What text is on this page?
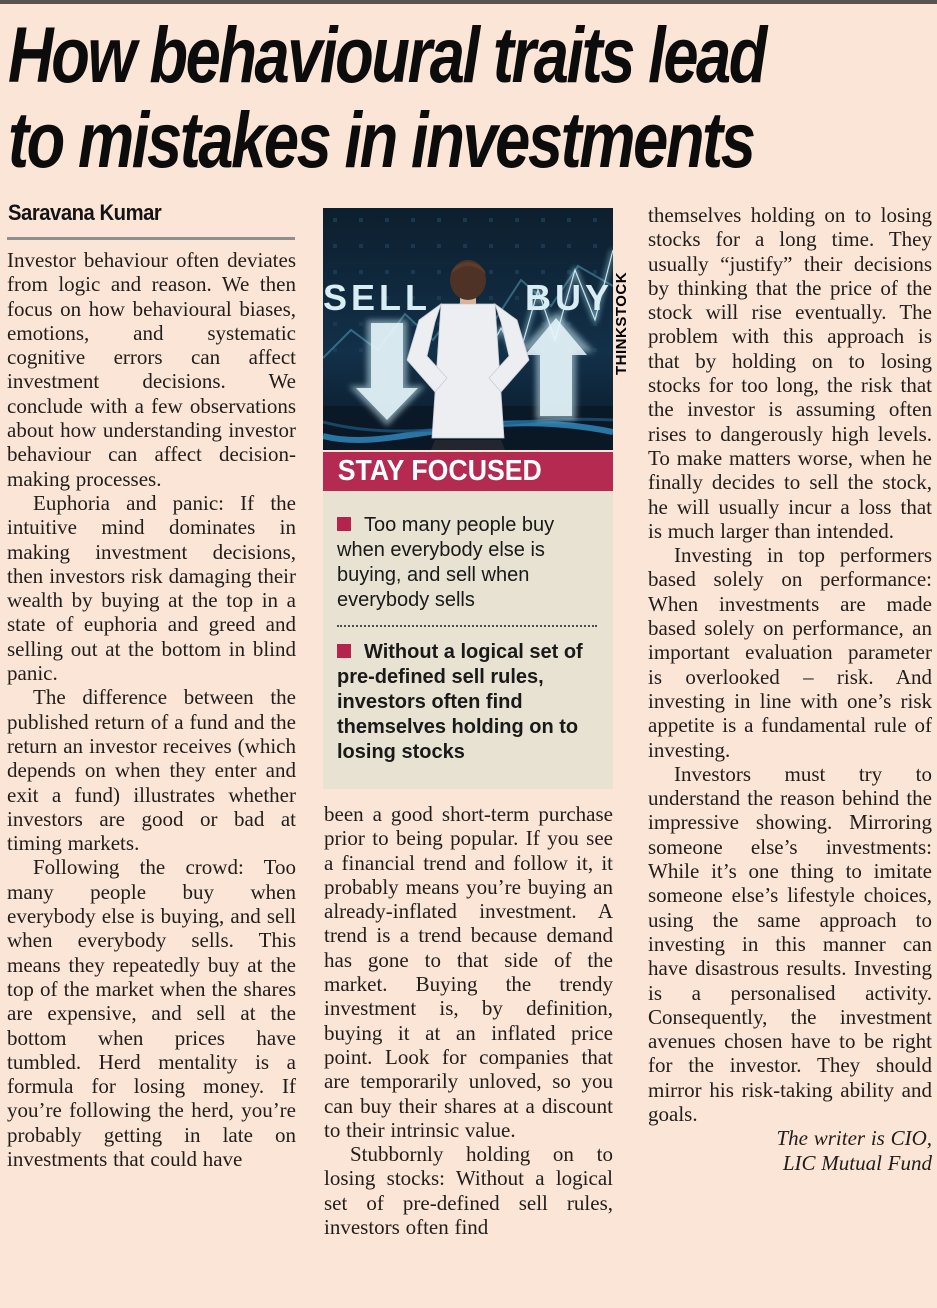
How behavioural traits lead
to mistakes in investments
Saravana Kumar

Investor behaviour often deviates from logic and reason. We then focus on how behavioural biases, emotions, and systematic cognitive errors can affect investment decisions. We conclude with a few observations about how understanding investor behaviour can affect decision-making processes.

Euphoria and panic: If the intuitive mind dominates in making investment decisions, then investors risk damaging their wealth by buying at the top in a state of euphoria and greed and selling out at the bottom in blind panic.

The difference between the published return of a fund and the return an investor receives (which depends on when they enter and exit a fund) illustrates whether investors are good or bad at timing markets.

Following the crowd: Too many people buy when everybody else is buying, and sell when everybody sells. This means they repeatedly buy at the top of the market when the shares are expensive, and sell at the bottom when prices have tumbled. Herd mentality is a formula for losing money. If you’re following the herd, you’re probably getting in late on investments that could have

SELL	BUY THINKSTOCK
STAY FOCUSED

Too many people buy when everybody else is buying, and sell when everybody sells

Without a logical set of pre-defined sell rules, investors often find themselves holding on to losing stocks

been a good short-term purchase prior to being popular. If you see a financial trend and follow it, it probably means you’re buying an already-inflated investment. A trend is a trend because demand has gone to that side of the market. Buying the trendy investment is, by definition, buying it at an inflated price point. Look for companies that are temporarily unloved, so you can buy their shares at a discount to their intrinsic value.

Stubbornly holding on to losing stocks: Without a logical set of pre-defined sell rules, investors often find

themselves holding on to losing stocks for a long time. They usually “justify” their decisions by thinking that the price of the stock will rise eventually. The problem with this approach is that by holding on to losing stocks for too long, the risk that the investor is assuming often rises to dangerously high levels. To make matters worse, when he finally decides to sell the stock, he will usually incur a loss that is much larger than intended.

Investing in top performers based solely on performance: When investments are made based solely on performance, an important evaluation parameter is overlooked – risk. And investing in line with one’s risk appetite is a fundamental rule of investing.

Investors must try to understand the reason behind the impressive showing. Mirroring someone else’s investments: While it’s one thing to imitate someone else’s lifestyle choices, using the same approach to investing in this manner can have disastrous results. Investing is a personalised activity. Consequently, the investment avenues chosen have to be right for the investor. They should mirror his risk-taking ability and goals.

The writer is CIO,
LIC Mutual Fund
